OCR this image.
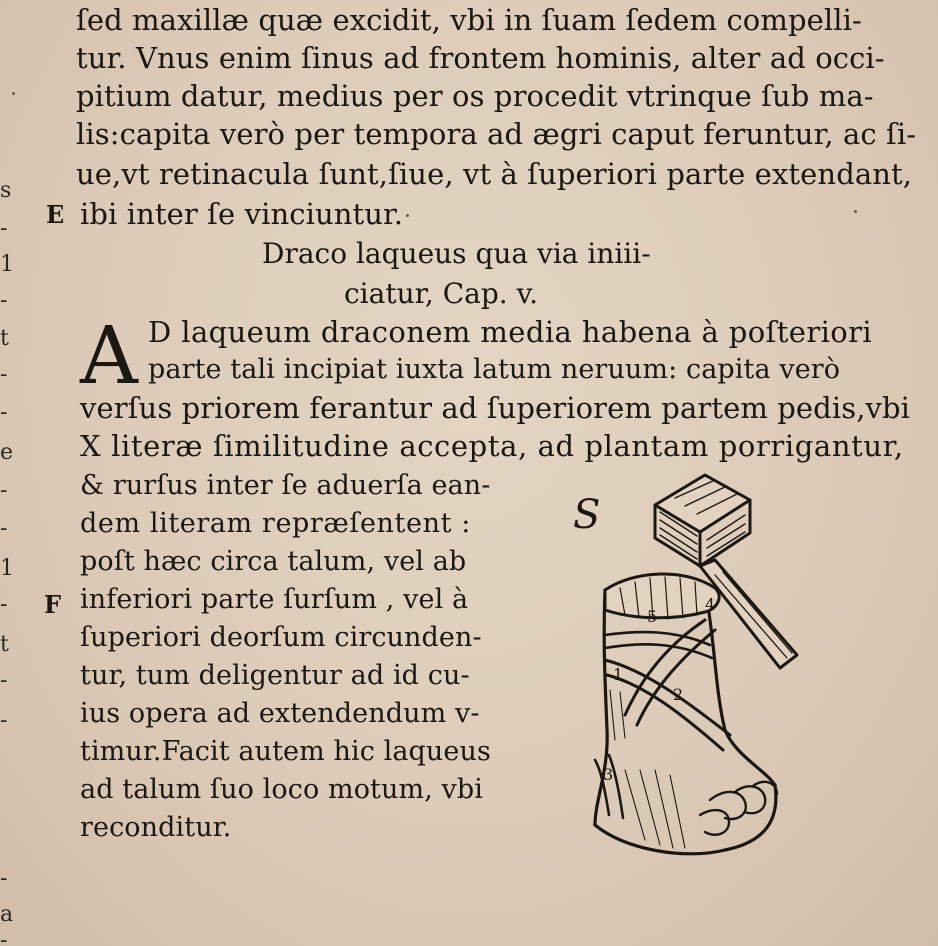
s
-
1
-
t
-
-
e
-
-
1
-
t
-
-
-
a
-
ſed maxillæ quæ excidit, vbi in ſuam ſedem compelli-
tur. Vnus enim ſinus ad frontem hominis, alter ad occi-
pitium datur, medius per os procedit vtrinque ſub ma-
lis:capita verò per tempora ad ægri caput feruntur, ac ſi-
ue,vt retinacula ſunt,ſiue, vt à ſuperiori parte extendant,
ibi inter ſe vinciuntur.
E
Draco laqueus qua via iniii-
ciatur, Cap. v.
A D laqueum draconem media habena à poſteriori
parte tali incipiat iuxta latum neruum: capita verò
verſus priorem ferantur ad ſuperiorem partem pedis,vbi
X literæ ſimilitudine accepta, ad plantam porrigantur,
& rurſus inter ſe aduerſa ean-
dem literam repræſentent :
poſt hæc circa talum, vel ab
inferiori parte ſurſum , vel à
ſuperiori deorſum circunden-
tur, tum deligentur ad id cu-
ius opera ad extendendum v-
timur.Facit autem hic laqueus
ad talum ſuo loco motum, vbi
reconditur.
F
S
1
2
3
4
5
